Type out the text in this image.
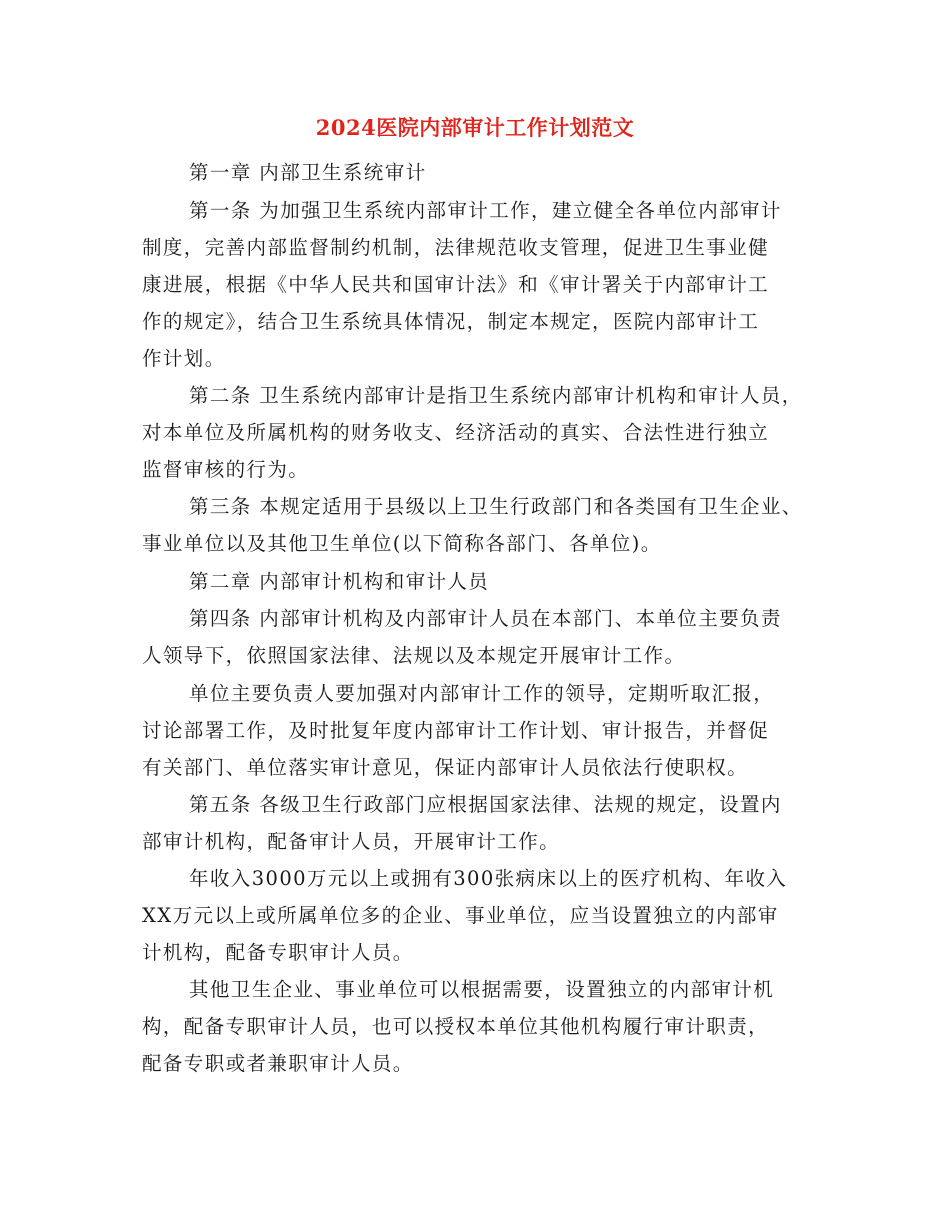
2024医院内部审计工作计划范文
第一章 内部卫生系统审计
第一条 为加强卫生系统内部审计工作，建立健全各单位内部审计
制度，完善内部监督制约机制，法律规范收支管理，促进卫生事业健
康进展，根据《中华人民共和国审计法》和《审计署关于内部审计工
作的规定》，结合卫生系统具体情况，制定本规定，医院内部审计工
作计划。
第二条 卫生系统内部审计是指卫生系统内部审计机构和审计人员，
对本单位及所属机构的财务收支、经济活动的真实、合法性进行独立
监督审核的行为。
第三条 本规定适用于县级以上卫生行政部门和各类国有卫生企业、
事业单位以及其他卫生单位(以下简称各部门、各单位)。
第二章 内部审计机构和审计人员
第四条 内部审计机构及内部审计人员在本部门、本单位主要负责
人领导下，依照国家法律、法规以及本规定开展审计工作。
单位主要负责人要加强对内部审计工作的领导，定期听取汇报，
讨论部署工作，及时批复年度内部审计工作计划、审计报告，并督促
有关部门、单位落实审计意见，保证内部审计人员依法行使职权。
第五条 各级卫生行政部门应根据国家法律、法规的规定，设置内
部审计机构，配备审计人员，开展审计工作。
年收入3000万元以上或拥有300张病床以上的医疗机构、年收入
XX万元以上或所属单位多的企业、事业单位，应当设置独立的内部审
计机构，配备专职审计人员。
其他卫生企业、事业单位可以根据需要，设置独立的内部审计机
构，配备专职审计人员，也可以授权本单位其他机构履行审计职责，
配备专职或者兼职审计人员。
